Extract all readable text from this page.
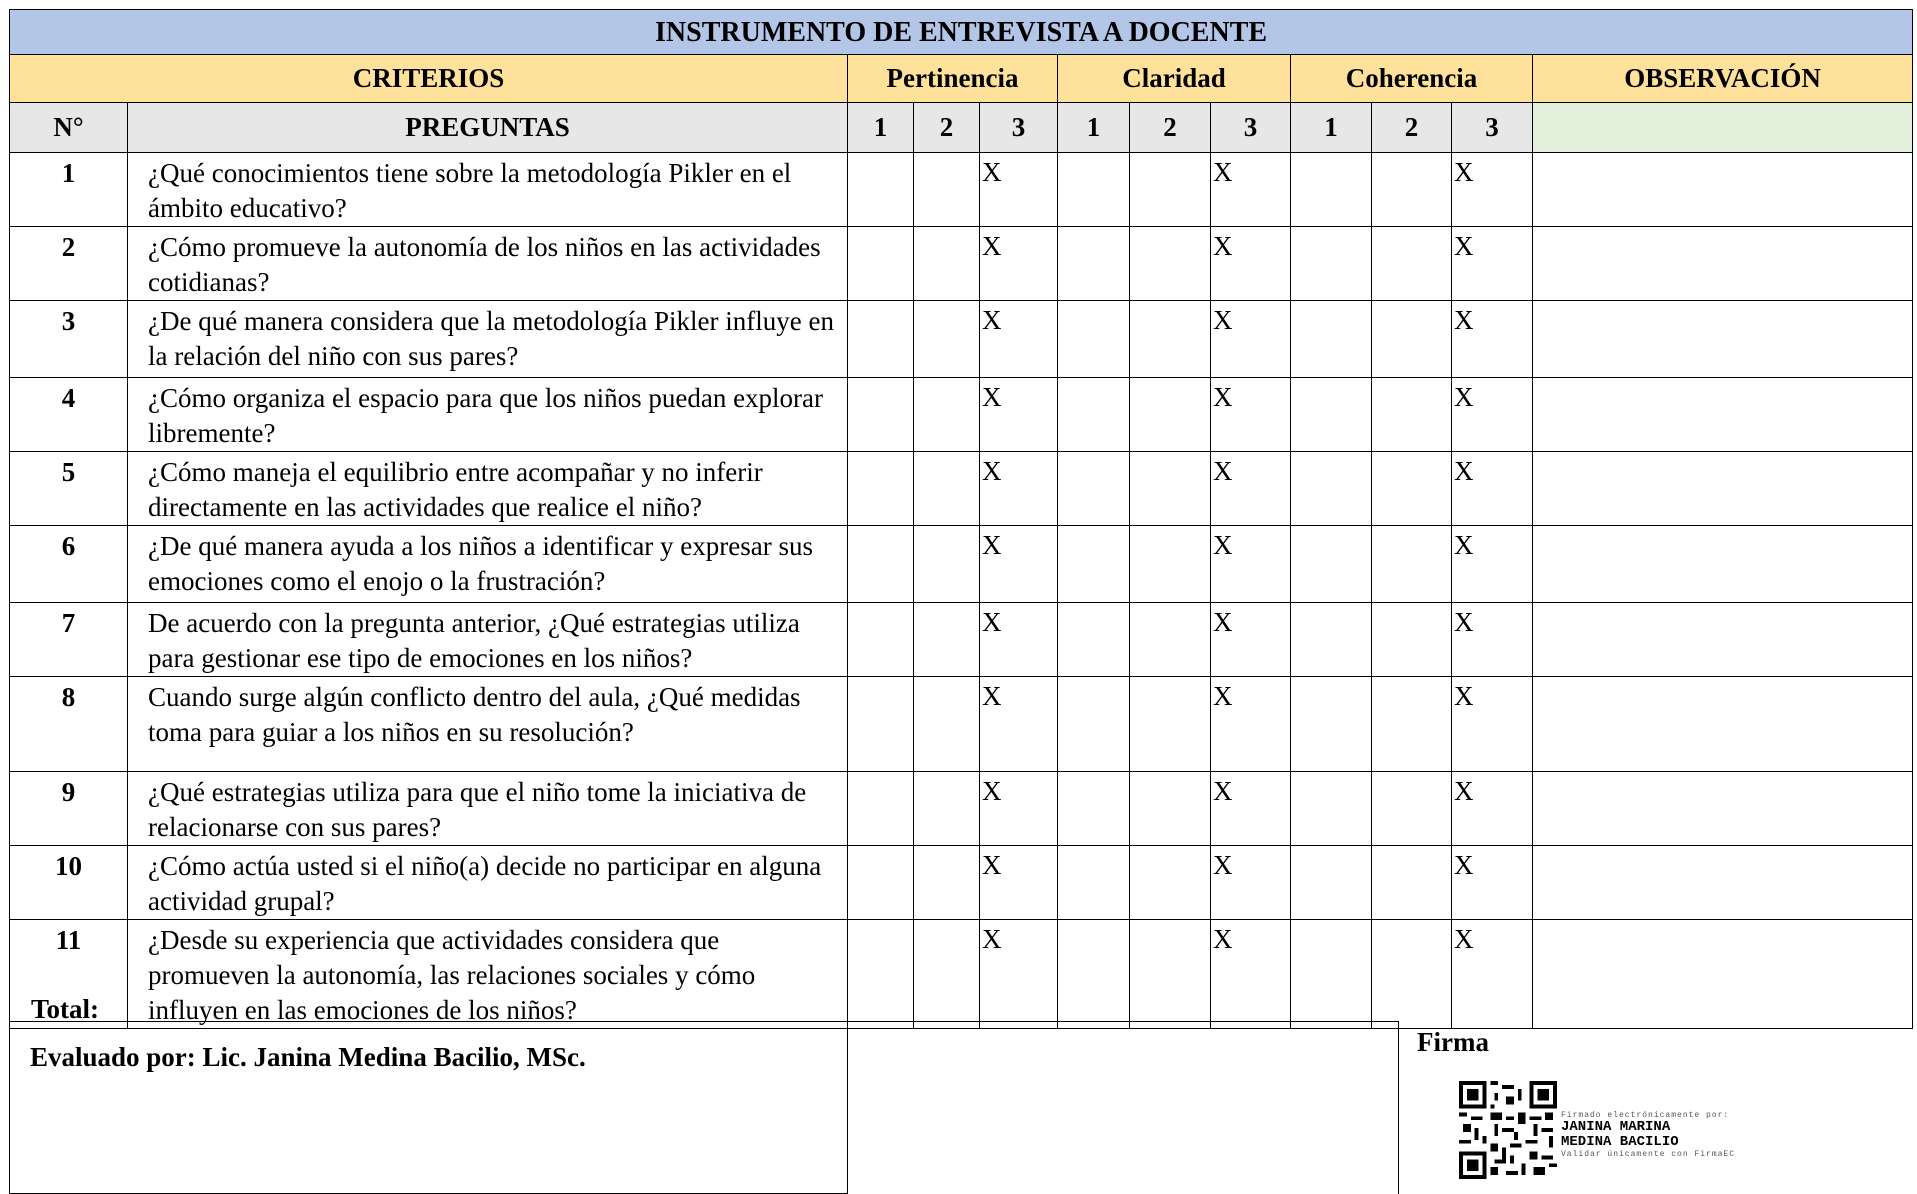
INSTRUMENTO DE ENTREVISTA A DOCENTE											
CRITERIOS		Pertinencia			Claridad			Coherencia			OBSERVACIÓN
N°	PREGUNTAS	1	2	3	1	2	3	1	2	3	
1	¿Qué conocimientos tiene sobre la metodología Pikler en el ámbito educativo?			X			X			X	
2	¿Cómo promueve la autonomía de los niños en las actividades cotidianas?			X			X			X	
3	¿De qué manera considera que la metodología Pikler influye en la relación del niño con sus pares?			X			X			X	
4	¿Cómo organiza el espacio para que los niños puedan explorar libremente?			X			X			X	
5	¿Cómo maneja el equilibrio entre acompañar y no inferir directamente en las actividades que realice el niño?			X			X			X	
6	¿De qué manera ayuda a los niños a identificar y expresar sus emociones como el enojo o la frustración?			X			X			X	
7	De acuerdo con la pregunta anterior, ¿Qué estrategias utiliza para gestionar ese tipo de emociones en los niños?			X			X			X	
8	Cuando surge algún conflicto dentro del aula, ¿Qué medidas toma para guiar a los niños en su resolución?			X			X			X	
9	¿Qué estrategias utiliza para que el niño tome la iniciativa de relacionarse con sus pares?			X			X			X	
10	¿Cómo actúa usted si el niño(a) decide no participar en alguna actividad grupal?			X			X			X	
11	¿Desde su experiencia que actividades considera que promueven la autonomía, las relaciones sociales y cómo influyen en las emociones de los niños?			X			X			X	
Total:
Evaluado por: Lic. Janina Medina Bacilio, MSc.	Firma
Firmado electrónicamente por:
JANINA MARINA
MEDINA BACILIO
Validar únicamente con FirmaEC
